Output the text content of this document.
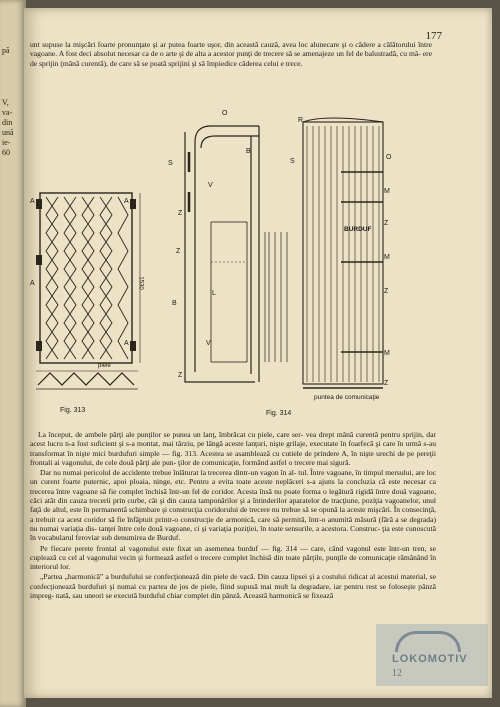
pă
V,
va-
din
ună
ie-
60
177
unt supuse la mişcări foarte pronunţate şi ar putea foarte uşor, din această cauză, avea loc alunecare şi o cădere a călătorului între vagoane. A fost deci absolut necesar ca de o arte şi de alta a acestor punţi de trecere să se amenajeze un fel de balustradă, cu mâ- ere de sprijin (mână curentă), de care să se poată sprijini şi să împiedice căderea celui e trece.
A
A
A
A
1530
piele
Fig. 313
O
S
B
V
Z
Z
L
B
V
Z
R
O
S
M
Z
BURDUF
M
Z
M
Z
puntea de comunicaţie
Fig. 314

La început, de ambele părţi ale punţilor se punea un lanţ, îmbrăcat cu piele, care ser- vea drept mână curentă pentru sprijin, dar acest lucru n-a fost suficient şi s-a montat, mai târziu, pe lângă aceste lanţuri, nişte grilaje, executate în foarfecă şi care în urmă s-au transformat în nişte mici burdufuri simple — fig. 313. Acestea se asamblează cu cutiele de prindere A, în nişte urechi de pe pereţii frontali ai vagonului, de cele două părţi ale pun- ţilor de comunicaţie, formând astfel o trecere mai sigură.

Dar nu numai pericolul de accidente trebue înlăturat la trecerea dintr-un vagon în al- tul. Între vagoane, în timpul mersului, are loc un curent foarte puternic, apoi ploaia, ninge, etc. Pentru a evita toate aceste neplăceri s-a ajuns la concluzia că este necesar ca trecerea între vagoane să fie complet închisă într-un fel de coridor. Acesta însă nu poate forma o legătură rigidă între două vagoane, căci atât din cauza trecerii prin curbe, cât şi din cauza tamponărilor şi a întinderilor aparatelor de tracţiune, poziţia vagoanelor, unul faţă de altul, este în permanentă schimbare şi construcţia coridorului de trecere nu trebue să se opună la aceste mişcări. În consecinţă, a trebuit ca acest coridor să fie înfăptuit printr-o construcţie de armonică, care să permită, într-o anumită măsură (fără a se degrada) nu numai variaţia dis- tanţei între cele două vagoane, ci şi variaţia poziţiei, în toate sensurile, a acestora. Construc- ţia este cunoscută în vocabularul feroviar sub denumirea de Burduf.

Pe fiecare perete frontal al vagonului este fixat un asemenea burduf — fig. 314 — care, când vagonul este într-un tren, se cuplează cu cel al vagonului vecin şi formează astfel o trecere complet închisă din toate părţile, punţile de comunicaţie rămânând în interiorul lor.

„Partea „harmonică” a burdufului se confecţionează din piele de vacă. Din cauza lipsei şi a costului ridicat al acestui material, se confecţionează burdufuri şi numai cu partea de jos de piele, fiind supusă mai mult la degradare, iar pentru rest se folosește pânză impreg- nată, sau uneori se execută burduful chiar complet din pânză. Această harmonică se fixează

LOKOMOTIV
